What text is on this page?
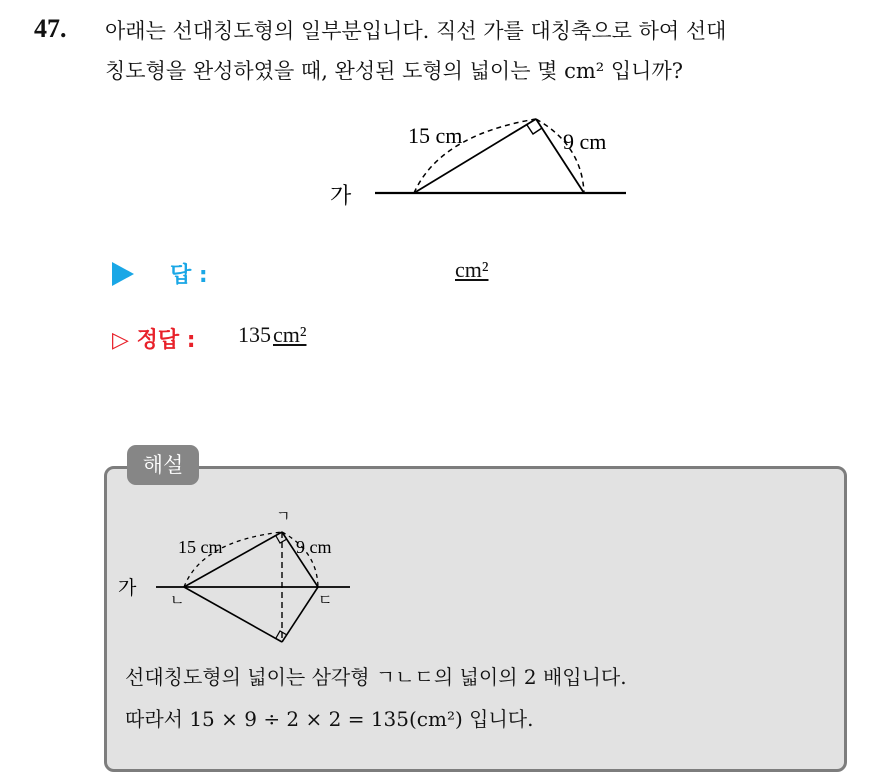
47. 아래는 선대칭도형의 일부분입니다. 직선 가를 대칭축으로 하여 선대
칭도형을 완성하였을 때, 완성된 도형의 넓이는 몇 cm² 입니까?
가
15 cm	9 cm
답 :	cm²
▷ 정답 : 135cm²
해설
가
15 cm	9 cm
ㄱ
ㄴ	ㄷ
선대칭도형의 넓이는 삼각형 ㄱㄴㄷ의 넓이의 2 배입니다.
따라서 15 × 9 ÷ 2 × 2 = 135(cm²) 입니다.
